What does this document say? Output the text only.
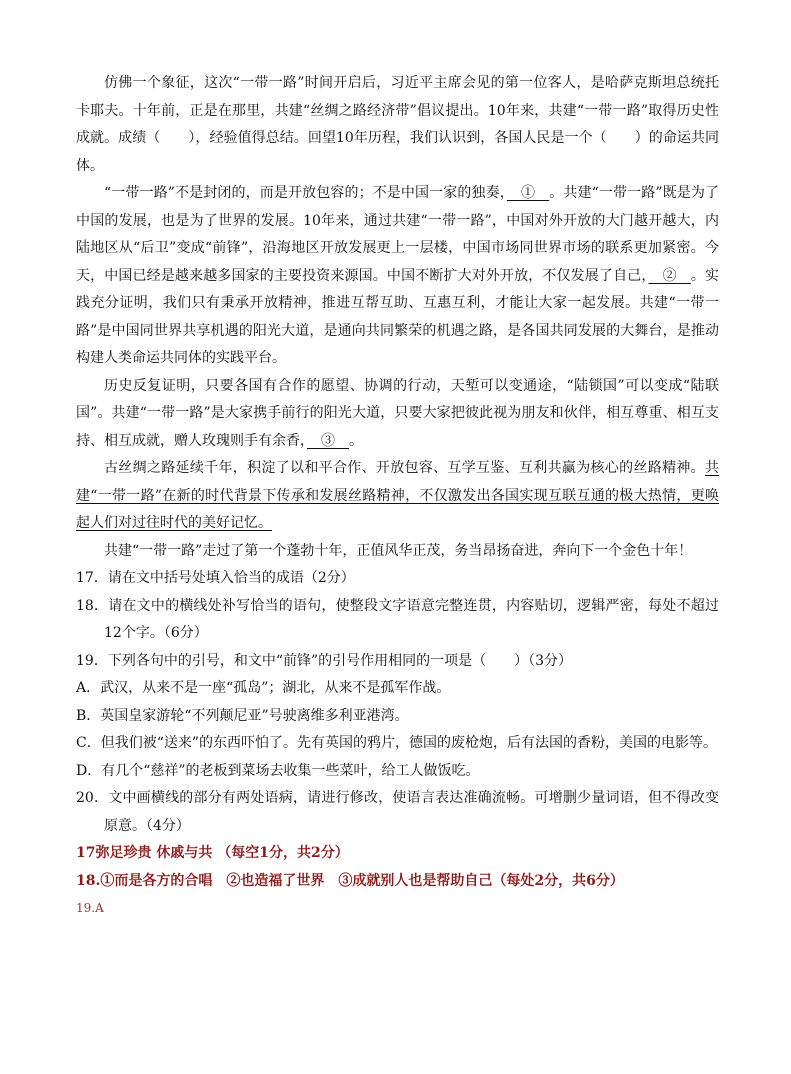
仿佛一个象征，这次“一带一路”时间开启后，习近平主席会见的第一位客人，是哈萨克斯坦总统托卡耶夫。十年前，正是在那里，共建“丝绸之路经济带”倡议提出。10年来，共建“一带一路”取得历史性成就。成绩（　　），经验值得总结。回望10年历程，我们认识到，各国人民是一个（　　）的命运共同体。

“一带一路”不是封闭的，而是开放包容的；不是中国一家的独奏，　①　。共建“一带一路”既是为了中国的发展，也是为了世界的发展。10年来，通过共建“一带一路”，中国对外开放的大门越开越大，内陆地区从“后卫”变成“前锋”，沿海地区开放发展更上一层楼，中国市场同世界市场的联系更加紧密。今天，中国已经是越来越多国家的主要投资来源国。中国不断扩大对外开放，不仅发展了自己，　②　。实践充分证明，我们只有秉承开放精神，推进互帮互助、互惠互利，才能让大家一起发展。共建“一带一路”是中国同世界共享机遇的阳光大道，是通向共同繁荣的机遇之路，是各国共同发展的大舞台，是推动构建人类命运共同体的实践平台。

历史反复证明，只要各国有合作的愿望、协调的行动，天堑可以变通途，“陆锁国”可以变成“陆联国”。共建“一带一路”是大家携手前行的阳光大道，只要大家把彼此视为朋友和伙伴，相互尊重、相互支持、相互成就，赠人玫瑰则手有余香，　③　。

古丝绸之路延续千年，积淀了以和平合作、开放包容、互学互鉴、互利共赢为核心的丝路精神。共建“一带一路”在新的时代背景下传承和发展丝路精神，不仅激发出各国实现互联互通的极大热情，更唤起人们对过往时代的美好记忆。

共建“一带一路”走过了第一个蓬勃十年，正值风华正茂，务当昂扬奋进，奔向下一个金色十年！

17．请在文中括号处填入恰当的成语（2分）

18．请在文中的横线处补写恰当的语句，使整段文字语意完整连贯，内容贴切，逻辑严密，每处不超过12个字。（6分）

19．下列各句中的引号，和文中“前锋”的引号作用相同的一项是（　　）（3分）

A．武汉，从来不是一座“孤岛”；湖北，从来不是孤军作战。

B．英国皇家游轮“不列颠尼亚”号驶离维多利亚港湾。

C．但我们被“送来”的东西吓怕了。先有英国的鸦片，德国的废枪炮，后有法国的香粉，美国的电影等。

D．有几个“慈祥”的老板到菜场去收集一些菜叶，给工人做饭吃。

20．文中画横线的部分有两处语病，请进行修改，使语言表达准确流畅。可增删少量词语，但不得改变原意。（4分）

17弥足珍贵 休戚与共 （每空1分，共2分）

18.①而是各方的合唱　②也造福了世界　③成就别人也是帮助自己（每处2分，共6分）

19.A
